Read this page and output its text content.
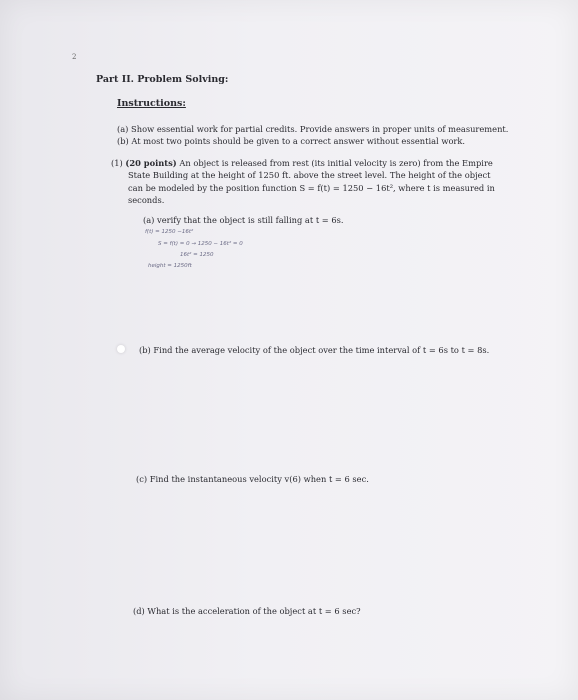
2
Part II. Problem Solving:
Instructions:
(a) Show essential work for partial credits. Provide answers in proper units of measurement.
(b) At most two points should be given to a correct answer without essential work.
(1) (20 points) An object is released from rest (its initial velocity is zero) from the Empire
State Building at the height of 1250 ft. above the street level. The height of the object
can be modeled by the position function S = f(t) = 1250 − 16t², where t is measured in
seconds.
(a) verify that the object is still falling at t = 6s.
f(t) = 1250 −16t²
S = f(t) = 0 → 1250 − 16t² = 0
16t² = 1250
height = 1250ft
(b) Find the average velocity of the object over the time interval of t = 6s to t = 8s.
(c) Find the instantaneous velocity v(6) when t = 6 sec.
(d) What is the acceleration of the object at t = 6 sec?
